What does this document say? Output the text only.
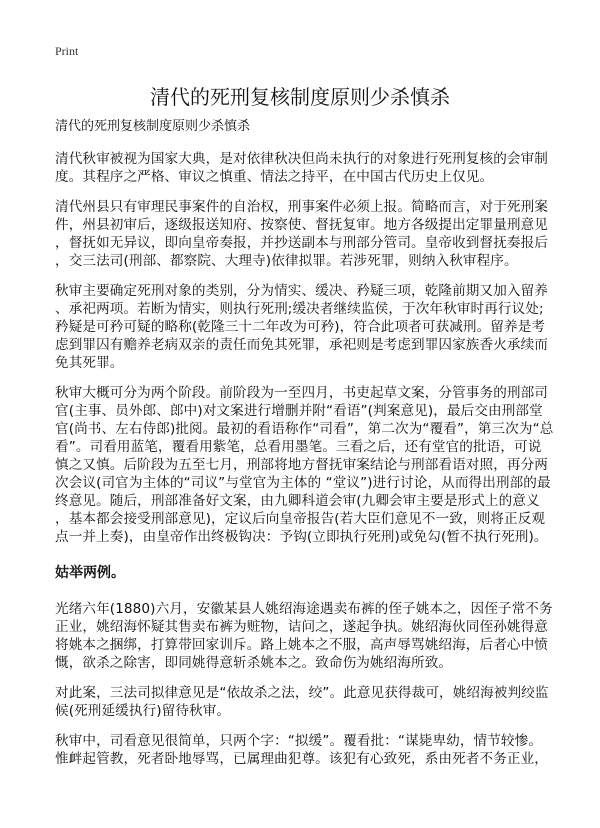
Print
清代的死刑复核制度原则少杀慎杀
清代的死刑复核制度原则少杀慎杀
清代秋审被视为国家大典，是对依律秋决但尚未执行的对象进行死刑复核的会审制
度。其程序之严格、审议之慎重、情法之持平，在中国古代历史上仅见。
清代州县只有审理民事案件的自治权，刑事案件必须上报。简略而言，对于死刑案
件，州县初审后，逐级报送知府、按察使、督抚复审。地方各级提出定罪量刑意见
，督抚如无异议，即向皇帝奏报，并抄送副本与刑部分管司。皇帝收到督抚奏报后
，交三法司(刑部、都察院、大理寺)依律拟罪。若涉死罪，则纳入秋审程序。
秋审主要确定死刑对象的类别，分为情实、缓决、矜疑三项，乾隆前期又加入留养
、承祀两项。若断为情实，则执行死刑;缓决者继续监侯，于次年秋审时再行议处;
矜疑是可矜可疑的略称(乾隆三十二年改为可矜)，符合此项者可获减刑。留养是考
虑到罪囚有赡养老病双亲的责任而免其死罪，承祀则是考虑到罪囚家族香火承续而
免其死罪。
秋审大概可分为两个阶段。前阶段为一至四月，书吏起草文案，分管事务的刑部司
官(主事、员外郎、郎中)对文案进行增删并附“看语”(判案意见)，最后交由刑部堂
官(尚书、左右侍郎)批阅。最初的看语称作“司看”，第二次为“覆看”，第三次为“总
看”。司看用蓝笔，覆看用紫笔，总看用墨笔。三看之后，还有堂官的批语，可说
慎之又慎。后阶段为五至七月，刑部将地方督抚审案结论与刑部看语对照，再分两
次会议(司官为主体的“司议”与堂官为主体的 “堂议”)进行讨论，从而得出刑部的最
终意见。随后，刑部准备好文案，由九卿科道会审(九卿会审主要是形式上的意义
，基本都会接受刑部意见)，定议后向皇帝报告(若大臣们意见不一致，则将正反观
点一并上奏)，由皇帝作出终极钩决：予钩(立即执行死刑)或免勾(暂不执行死刑)。
姑举两例。
光绪六年(1880)六月，安徽某县人姚绍海途遇卖布裤的侄子姚本之，因侄子常不务
正业，姚绍海怀疑其售卖布裤为赃物，诘问之，遂起争执。姚绍海伙同侄孙姚得意
将姚本之捆绑，打算带回家训斥。路上姚本之不服，高声辱骂姚绍海，后者心中愤
慨，欲杀之除害，即同姚得意斩杀姚本之。致命伤为姚绍海所致。
对此案，三法司拟律意见是“依故杀之法，绞”。此意见获得裁可，姚绍海被判绞监
候(死刑延缓执行)留待秋审。
秋审中，司看意见很简单，只两个字：“拟缓”。覆看批：“谋毙卑幼，情节较惨。
惟衅起管教，死者卧地辱骂，已属理曲犯尊。该犯有心致死，系由死者不务正业，
